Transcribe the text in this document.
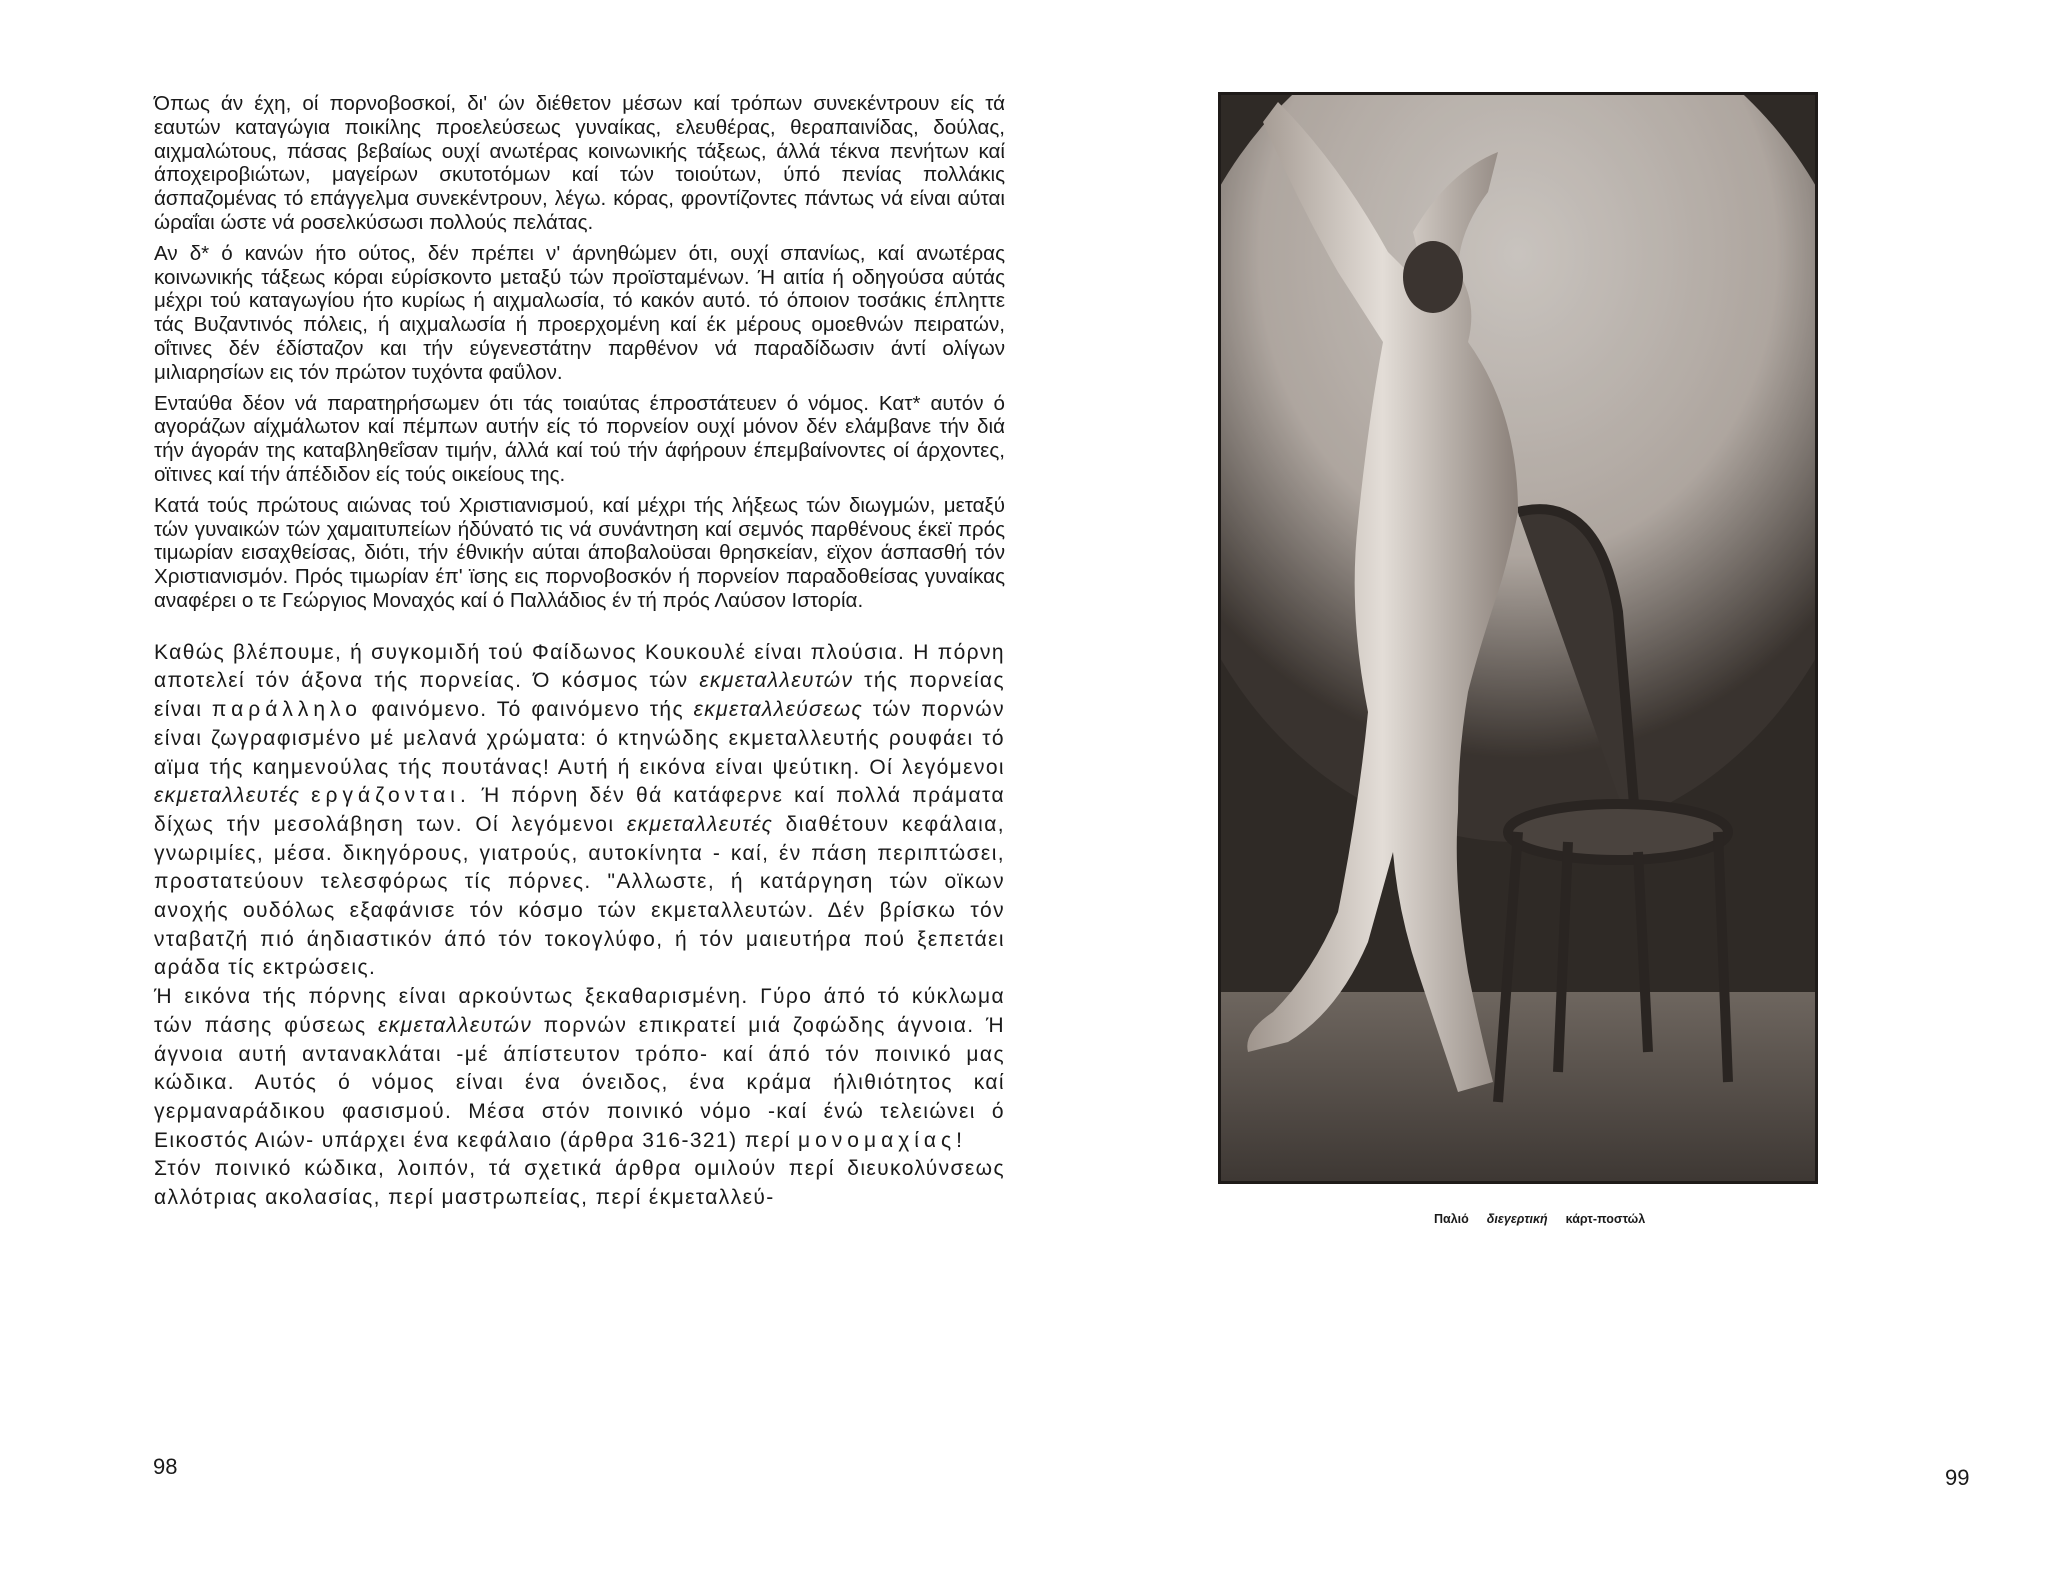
Όπως άν έχη, οί πορνοβοσκοί, δι' ών διέθετον μέσων καί τρόπων συνεκέντρουν είς τά εαυτών καταγώγια ποικίλης προελεύσεως γυναίκας, ελευθέρας, θεραπαινίδας, δούλας, αιχμαλώτους, πάσας βεβαίως ουχί ανωτέρας κοινωνικής τάξεως, άλλά τέκνα πενήτων καί άποχειροβιώτων, μαγείρων σκυτοτόμων καί τών τοιούτων, ύπό πενίας πολλάκις άσπαζομένας τό επάγγελμα συνεκέντρουν, λέγω. κόρας, φροντίζοντες πάντως νά είναι αύται ώραΐαι ώστε νά ροσελκύσωσι πολλούς πελάτας.

Αν δ* ό κανών ήτο ούτος, δέν πρέπει ν' άρνηθώμεν ότι, ουχί σπανίως, καί ανωτέρας κοινωνικής τάξεως κόραι εύρίσκοντο μεταξύ τών προϊσταμένων. Ή αιτία ή οδηγούσα αύτάς μέχρι τού καταγωγίου ήτο κυρίως ή αιχμαλωσία, τό κακόν αυτό. τό όποιον τοσάκις έπληττε τάς Βυζαντινός πόλεις, ή αιχμαλωσία ή προερχομένη καί έκ μέρους ομοεθνών πειρατών, οΐτινες δέν έδίσταζον και τήν εύγενεστάτην παρθένον νά παραδίδωσιν άντί ολίγων μιλιαρησίων εις τόν πρώτον τυχόντα φαΰλον.

Ενταύθα δέον νά παρατηρήσωμεν ότι τάς τοιαύτας έπροστάτευεν ό νόμος. Κατ* αυτόν ό αγοράζων αίχμάλωτον καί πέμπων αυτήν είς τό πορνείον ουχί μόνον δέν ελάμβανε τήν διά τήν άγοράν της καταβληθεΐσαν τιμήν, άλλά καί τού τήν άφήρουν έπεμβαίνοντες οί άρχοντες, οϊτινες καί τήν άπέδιδον είς τούς οικείους της.

Κατά τούς πρώτους αιώνας τού Χριστιανισμού, καί μέχρι τής λήξεως τών διωγμών, μεταξύ τών γυναικών τών χαμαιτυπείων ήδύνατό τις νά συνάντηση καί σεμνός παρθένους έκεϊ πρός τιμωρίαν εισαχθείσας, διότι, τήν έθνικήν αύται άποβαλοϋσαι θρησκείαν, εϊχον άσπασθή τόν Χριστιανισμόν. Πρός τιμωρίαν έπ' ϊσης εις πορνοβοσκόν ή πορνείον παραδοθείσας γυναίκας αναφέρει ο τε Γεώργιος Μοναχός καί ό Παλλάδιος έν τή πρός Λαύσον Ιστορία.

Καθώς βλέπουμε, ή συγκομιδή τού Φαίδωνος Κουκουλέ είναι πλούσια. Η πόρνη αποτελεί τόν άξονα τής πορνείας. Ό κόσμος τών εκμεταλλευτών τής πορνείας είναι παράλληλο φαινόμενο. Τό φαινόμενο τής εκμεταλλεύσεως τών πορνών είναι ζωγραφισμένο μέ μελανά χρώματα: ό κτηνώδης εκμεταλλευτής ρουφάει τό αϊμα τής καημενούλας τής πουτάνας! Αυτή ή εικόνα είναι ψεύτικη. Οί λεγόμενοι εκμεταλλευτές εργάζονται. Ή πόρνη δέν θά κατάφερνε καί πολλά πράματα δίχως τήν μεσολάβηση των. Οί λεγόμενοι εκμεταλλευτές διαθέτουν κεφάλαια, γνωριμίες, μέσα. δικηγόρους, γιατρούς, αυτοκίνητα - καί, έν πάση περιπτώσει, προστατεύουν τελεσφόρως τίς πόρνες. "Αλλωστε, ή κατάργηση τών οϊκων ανοχής ουδόλως εξαφάνισε τόν κόσμο τών εκμεταλλευτών. Δέν βρίσκω τόν νταβατζή πιό άηδιαστικόν άπό τόν τοκογλύφο, ή τόν μαιευτήρα πού ξεπετάει αράδα τίς εκτρώσεις.

Ή εικόνα τής πόρνης είναι αρκούντως ξεκαθαρισμένη. Γύρο άπό τό κύκλωμα τών πάσης φύσεως εκμεταλλευτών πορνών επικρατεί μιά ζοφώδης άγνοια. Ή άγνοια αυτή αντανακλάται -μέ άπίστευτον τρόπο- καί άπό τόν ποινικό μας κώδικα. Αυτός ό νόμος είναι ένα όνειδος, ένα κράμα ήλιθιότητος καί γερμαναράδικου φασισμού. Μέσα στόν ποινικό νόμο -καί ένώ τελειώνει ό Εικοστός Αιών- υπάρχει ένα κεφάλαιο (άρθρα 316-321) περί μονομαχίας!

Στόν ποινικό κώδικα, λοιπόν, τά σχετικά άρθρα ομιλούν περί διευκολύνσεως αλλότριας ακολασίας, περί μαστρωπείας, περί έκμεταλλεύ-

98
Παλιό διεγερτική κάρτ-ποστώλ
99
